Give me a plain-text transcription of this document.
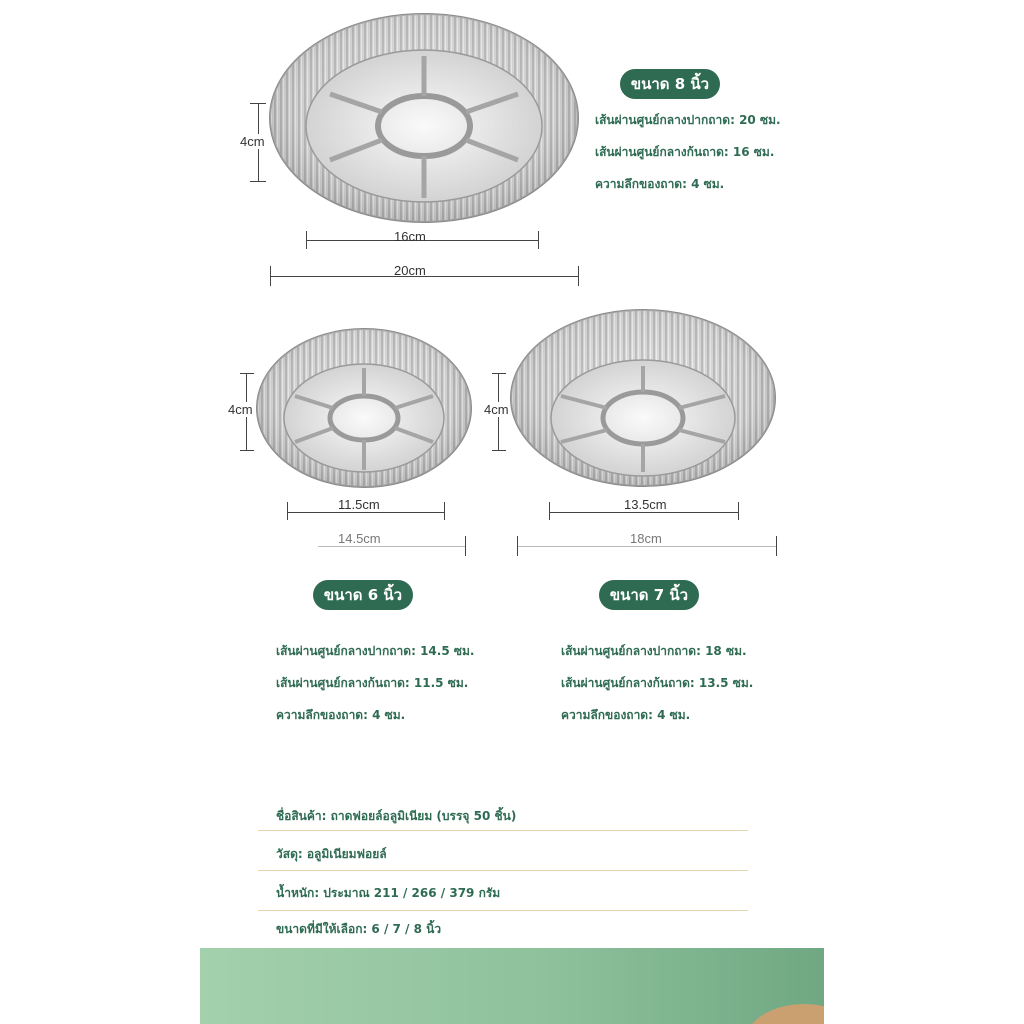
4cm
16cm
20cm
ขนาด 8 นิ้ว
เส้นผ่านศูนย์กลางปากถาด: 20 ซม.
เส้นผ่านศูนย์กลางก้นถาด: 16 ซม.
ความลึกของถาด: 4 ซม.
4cm
11.5cm
14.5cm
ขนาด 6 นิ้ว
เส้นผ่านศูนย์กลางปากถาด: 14.5 ซม.
เส้นผ่านศูนย์กลางก้นถาด: 11.5 ซม.
ความลึกของถาด: 4 ซม.
4cm
13.5cm
18cm
ขนาด 7 นิ้ว
เส้นผ่านศูนย์กลางปากถาด: 18 ซม.
เส้นผ่านศูนย์กลางก้นถาด: 13.5 ซม.
ความลึกของถาด: 4 ซม.
ชื่อสินค้า: ถาดฟอยล์อลูมิเนียม (บรรจุ 50 ชิ้น)
วัสดุ: อลูมิเนียมฟอยล์
น้ำหนัก: ประมาณ 211 / 266 / 379 กรัม
ขนาดที่มีให้เลือก: 6 / 7 / 8 นิ้ว
